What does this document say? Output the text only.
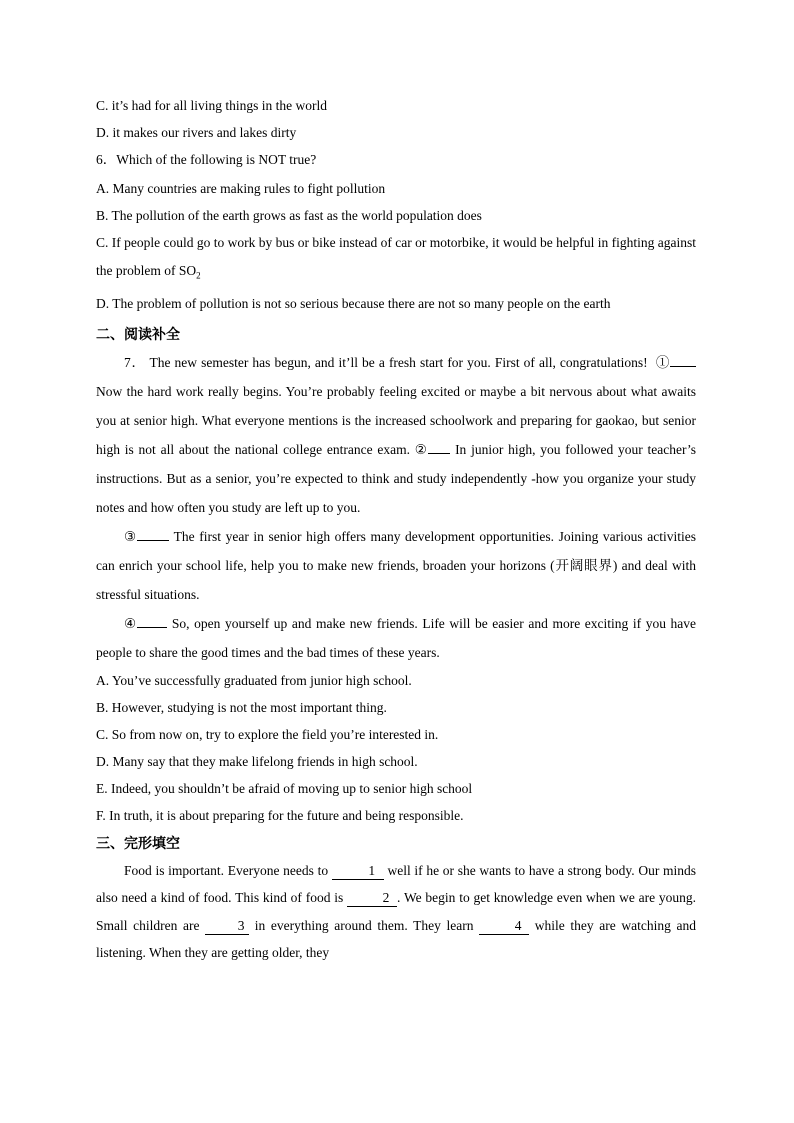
C. it’s had for all living things in the world

D. it makes our rivers and lakes dirty

6．Which of the following is NOT true?

A. Many countries are making rules to fight pollution

B. The pollution of the earth grows as fast as the world population does

C. If people could go to work by bus or bike instead of car or motorbike, it would be helpful in fighting against the problem of $SO_2$

D. The problem of pollution is not so serious because there are not so many people on the earth

二、阅读补全

7． The new semester has begun, and it’ll be a fresh start for you. First of all, congratulations! ① Now the hard work really begins. You’re probably feeling excited or maybe a bit nervous about what awaits you at senior high. What everyone mentions is the increased schoolwork and preparing for gaokao, but senior high is not all about the national college entrance exam. ② In junior high, you followed your teacher’s instructions. But as a senior, you’re expected to think and study independently -how you organize your study notes and how often you study are left up to you.

③	The first year in senior high offers many development opportunities. Joining various activities can enrich your school life, help you to make new friends, broaden your horizons (开阔眼界) and deal with stressful situations.

④	So, open yourself up and make new friends. Life will be easier and more exciting if you have people to share the good times and the bad times of these years.

A. You’ve successfully graduated from junior high school.

B. However, studying is not the most important thing.

C. So from now on, try to explore the field you’re interested in.

D. Many say that they make lifelong friends in high school.

E. Indeed, you shouldn’t be afraid of moving up to senior high school

F. In truth, it is about preparing for the future and being responsible.

三、完形填空

Food is important. Everyone needs to	1 well if he or she wants to have a strong body. Our minds also need a kind of food. This kind of food is	2 . We begin to get knowledge even when we are young. Small children are	3 in everything around them. They learn	4 while they are watching and listening. When they are getting older, they
